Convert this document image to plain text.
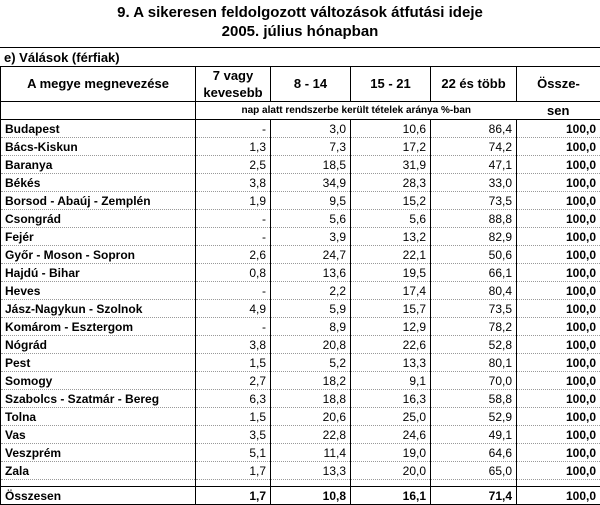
9. A sikeresen feldolgozott változások átfutási ideje
2005. július hónapban
e) Válások (férfiak)
A megye megnevezése	7 vagy	8 - 14	15 - 21	22 és több	Össze-
	kevesebb				
	nap alatt rendszerbe került tételek aránya %-ban				sen
Budapest	-	3,0	10,6	86,4	100,0
Bács-Kiskun	1,3	7,3	17,2	74,2	100,0
Baranya	2,5	18,5	31,9	47,1	100,0
Békés	3,8	34,9	28,3	33,0	100,0
Borsod - Abaúj - Zemplén	1,9	9,5	15,2	73,5	100,0
Csongrád	-	5,6	5,6	88,8	100,0
Fejér	-	3,9	13,2	82,9	100,0
Győr - Moson - Sopron	2,6	24,7	22,1	50,6	100,0
Hajdú - Bihar	0,8	13,6	19,5	66,1	100,0
Heves	-	2,2	17,4	80,4	100,0
Jász-Nagykun - Szolnok	4,9	5,9	15,7	73,5	100,0
Komárom - Esztergom	-	8,9	12,9	78,2	100,0
Nógrád	3,8	20,8	22,6	52,8	100,0
Pest	1,5	5,2	13,3	80,1	100,0
Somogy	2,7	18,2	9,1	70,0	100,0
Szabolcs - Szatmár - Bereg	6,3	18,8	16,3	58,8	100,0
Tolna	1,5	20,6	25,0	52,9	100,0
Vas	3,5	22,8	24,6	49,1	100,0
Veszprém	5,1	11,4	19,0	64,6	100,0
Zala	1,7	13,3	20,0	65,0	100,0

Összesen	1,7	10,8	16,1	71,4	100,0
